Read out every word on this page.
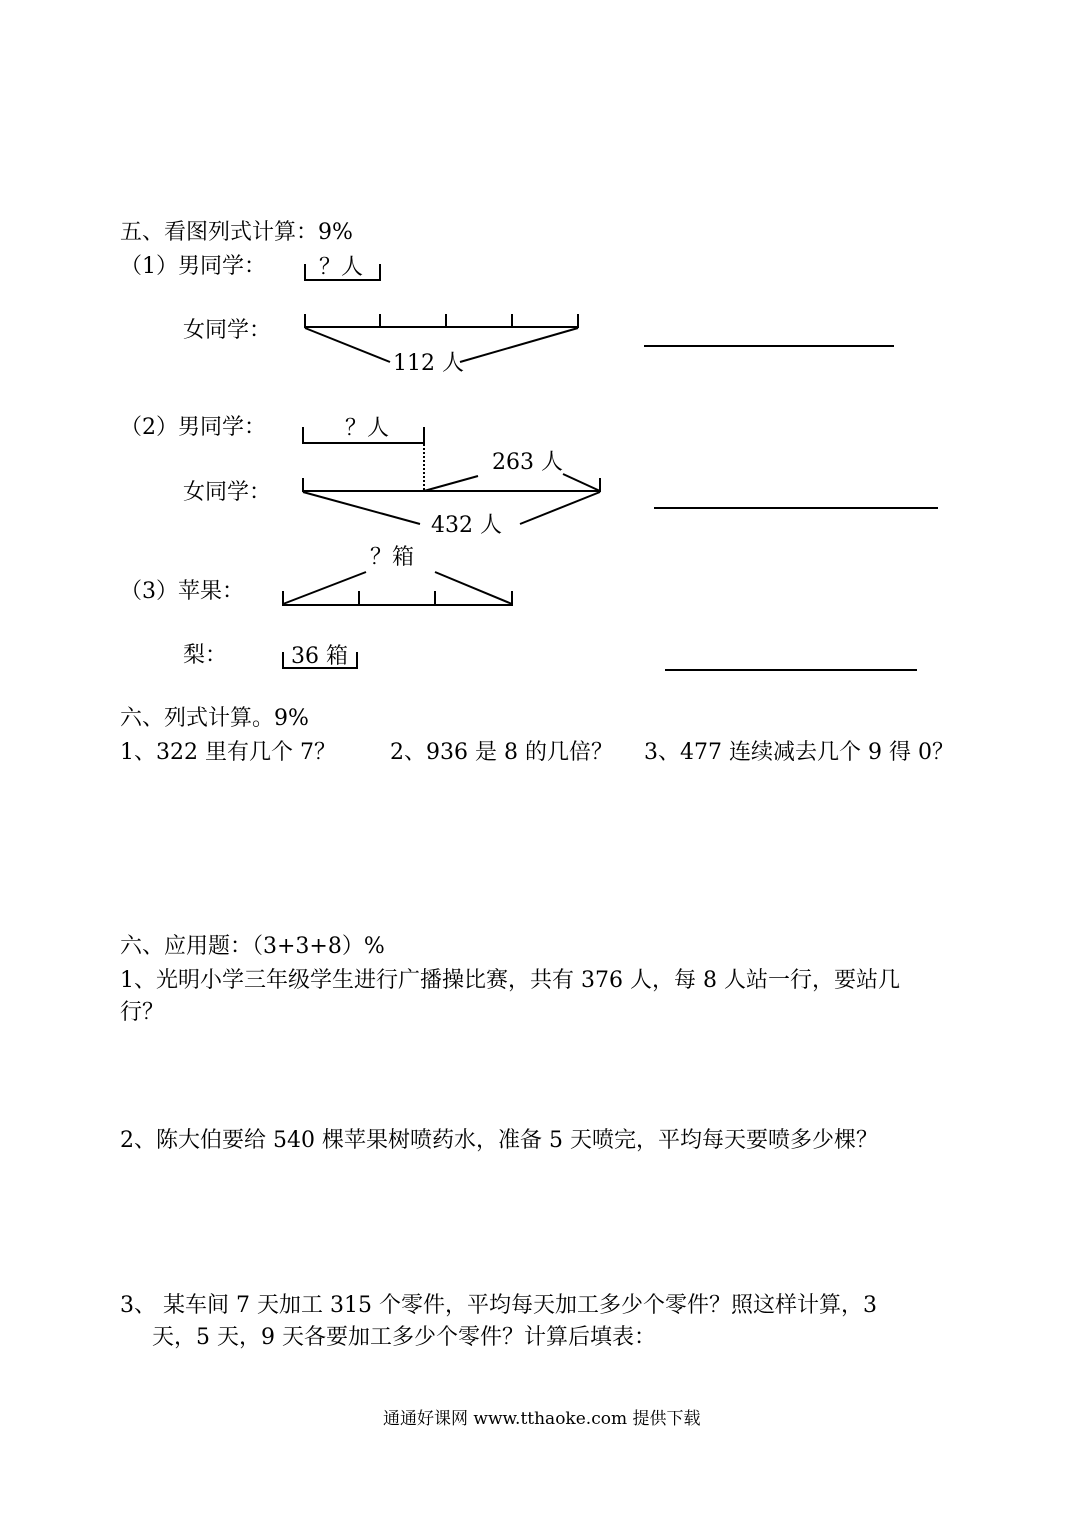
五、看图列式计算：9%
（1）男同学：
女同学：
（2）男同学：
女同学：
（3）苹果：
梨：
？人
112 人
？人
263 人
432 人
？箱
36 箱
六、列式计算。9%
1、322 里有几个 7？ 2、936 是 8 的几倍？ 3、477 连续减去几个 9 得 0？
六、应用题：（3+3+8）%
1、光明小学三年级学生进行广播操比赛，共有 376 人，每 8 人站一行，要站几
行？
2、陈大伯要给 540 棵苹果树喷药水，准备 5 天喷完，平均每天要喷多少棵？
3、 某车间 7 天加工 315 个零件，平均每天加工多少个零件？照这样计算，3
天，5 天，9 天各要加工多少个零件？计算后填表：
通通好课网 www.tthaoke.com 提供下载
